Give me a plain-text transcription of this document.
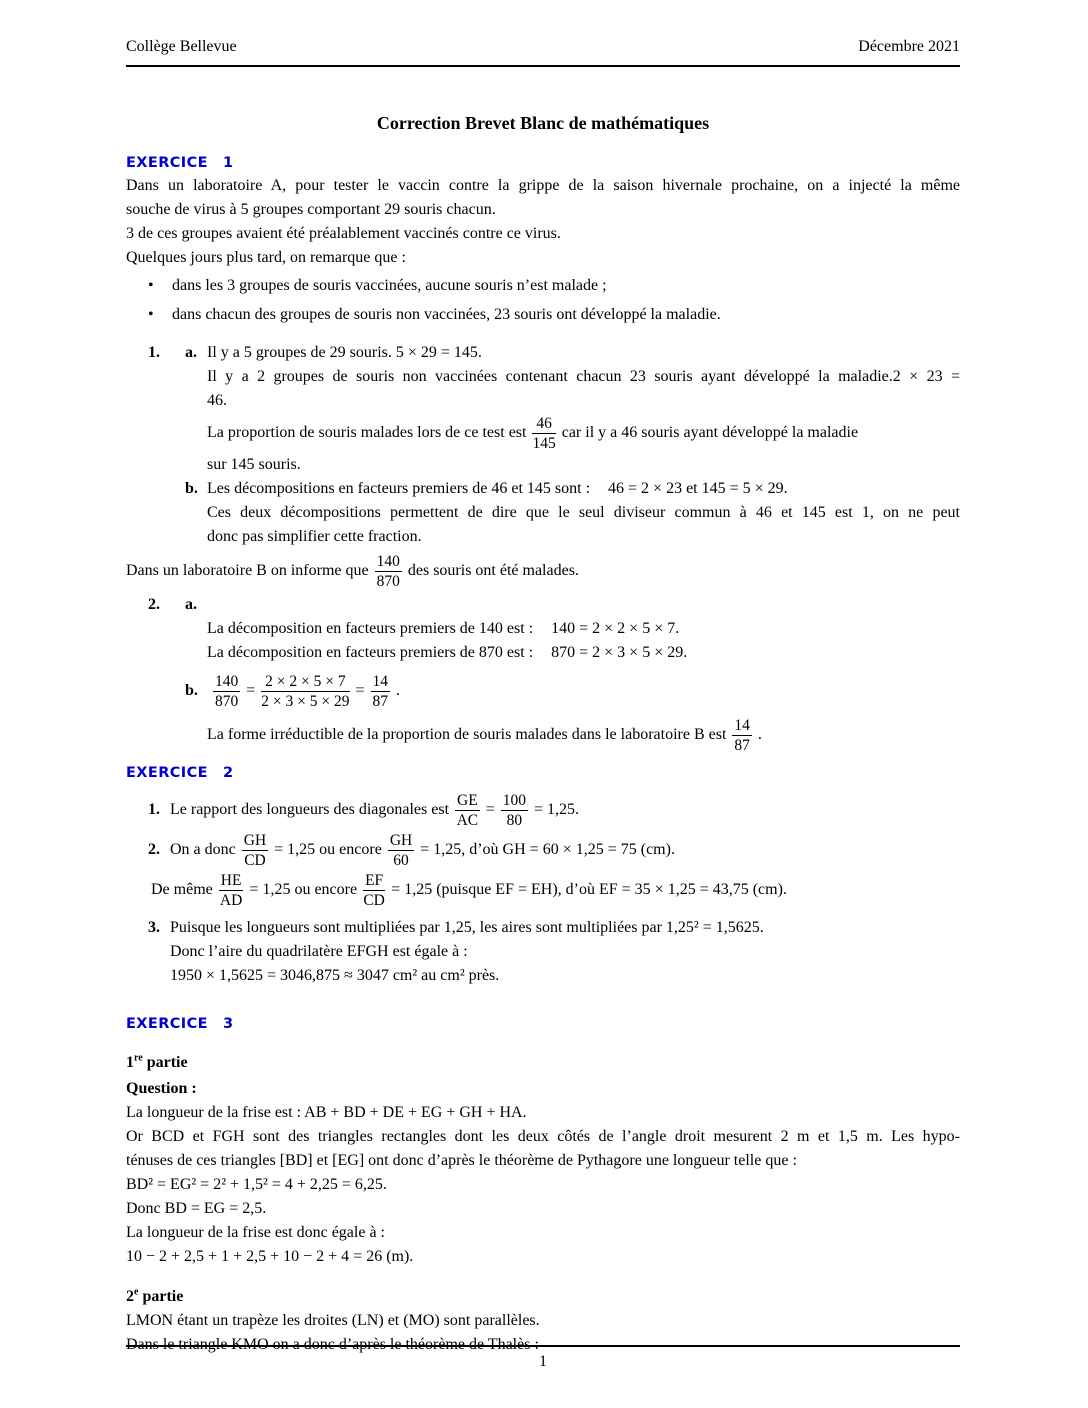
Collège Bellevue	Décembre 2021
Correction Brevet Blanc de mathématiques
EXERCICE 1
Dans un laboratoire A, pour tester le vaccin contre la grippe de la saison hivernale prochaine, on a injecté la même
souche de virus à 5 groupes comportant 29 souris chacun.
3 de ces groupes avaient été préalablement vaccinés contre ce virus.
Quelques jours plus tard, on remarque que :
•	dans les 3 groupes de souris vaccinées, aucune souris n’est malade ;
•	dans chacun des groupes de souris non vaccinées, 23 souris ont développé la maladie.
1.	a. Il y a 5 groupes de 29 souris. 5 × 29 = 145.
Il y a 2 groupes de souris non vaccinées contenant chacun 23 souris ayant développé la maladie.2 × 23 =
46.
La proportion de souris malades lors de ce test est $\frac{46}{145}$ car il y a 46 souris ayant développé la maladie
sur 145 souris.
b. Les décompositions en facteurs premiers de 46 et 145 sont : 46 = 2 × 23 et 145 = 5 × 29.
Ces deux décompositions permettent de dire que le seul diviseur commun à 46 et 145 est 1, on ne peut
donc pas simplifier cette fraction.
Dans un laboratoire B on informe que $\frac{140}{870}$ des souris ont été malades.
2.	a.
La décomposition en facteurs premiers de 140 est : 140 = 2 × 2 × 5 × 7.
La décomposition en facteurs premiers de 870 est : 870 = 2 × 3 × 5 × 29.
b. $\frac{140}{870} = \frac{2 \times 2 \times 5 \times 7}{2 \times 3 \times 5 \times 29} = \frac{14}{87}$ .
La forme irréductible de la proportion de souris malades dans le laboratoire B est $\frac{14}{87}$ .
EXERCICE 2
1. Le rapport des longueurs des diagonales est $\frac{GE}{AC} = \frac{100}{80} = 1,25$.
2. On a donc $\frac{GH}{CD} = 1,25$ ou encore $\frac{GH}{60} = 1,25$, d’où GH = 60 × 1,25 = 75 (cm).
De même $\frac{HE}{AD} = 1,25$ ou encore $\frac{EF}{CD} = 1,25$ (puisque EF = EH), d’où EF = 35 × 1,25 = 43,75 (cm).
3. Puisque les longueurs sont multipliées par 1,25, les aires sont multipliées par 1,25² = 1,5625.
Donc l’aire du quadrilatère EFGH est égale à :
1950 × 1,5625 = 3046,875 ≈ 3047 cm² au cm² près.
EXERCICE 3
1re partie
Question :
La longueur de la frise est : AB + BD + DE + EG + GH + HA.
Or BCD et FGH sont des triangles rectangles dont les deux côtés de l’angle droit mesurent 2 m et 1,5 m. Les hypo-
ténuses de ces triangles [BD] et [EG] ont donc d’après le théorème de Pythagore une longueur telle que :
BD² = EG² = 2² + 1,5² = 4 + 2,25 = 6,25.
Donc BD = EG = 2,5.
La longueur de la frise est donc égale à :
10 − 2 + 2,5 + 1 + 2,5 + 10 − 2 + 4 = 26 (m).
2e partie
LMON étant un trapèze les droites (LN) et (MO) sont parallèles.
Dans le triangle KMO on a donc d’après le théorème de Thalès :
1
